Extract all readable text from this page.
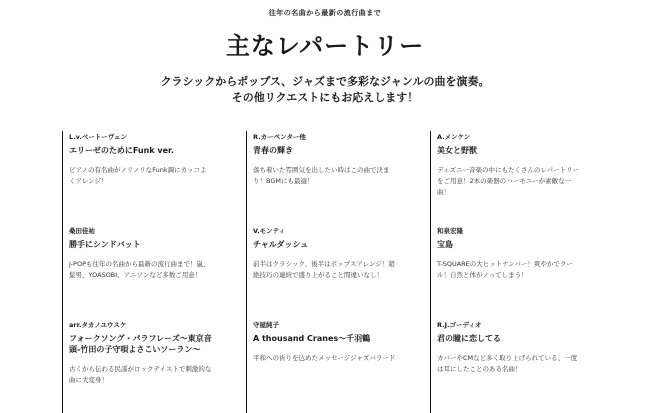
往年の名曲から最新の流行曲まで
主なレパートリー
クラシックからポップス、ジャズまで多彩なジャンルの曲を演奏。
その他リクエストにもお応えします！
L.v.ベートーヴェン
エリーゼのためにFunk ver.
ピアノの有名曲がノリノリなFunk調にカッコよくアレンジ！
R.カーペンター他
青春の輝き
落ち着いた雰囲気を出したい時はこの曲で決まり！BGMにも最適！
A.メンケン
美女と野獣
ディズニー音楽の中にもたくさんのレパートリーをご用意！2本の楽器のハーモニーが素敵な一曲！
桑田佳祐
勝手にシンドバット
J-POPも往年の名曲から最新の流行曲まで！嵐、髭男、YOASOBI、アニソンなど多数ご用意！
V.モンティ
チャルダッシュ
前半はクラシック、後半はポップスアレンジ！超絶技巧の連続で盛り上がること間違いなし！
和泉宏隆
宝島
T-SQUAREの大ヒットナンバー！爽やかでクール！自然と体がノってしまう！
arr.タカノユウスケ
フォークソング・パラフレーズ〜東京音頭-竹田の子守唄よさこいソーラン〜
古くから伝わる民謡がロックテイストで刺激的な曲に大変身！
守屋純子
A thousand Cranes〜千羽鶴
平和への祈りを込めたメッセージジャズバラード
R.J.ゴーディオ
君の瞳に恋してる
カバーやCMなど多く取り上げられている、一度は耳にしたことのある名曲！
